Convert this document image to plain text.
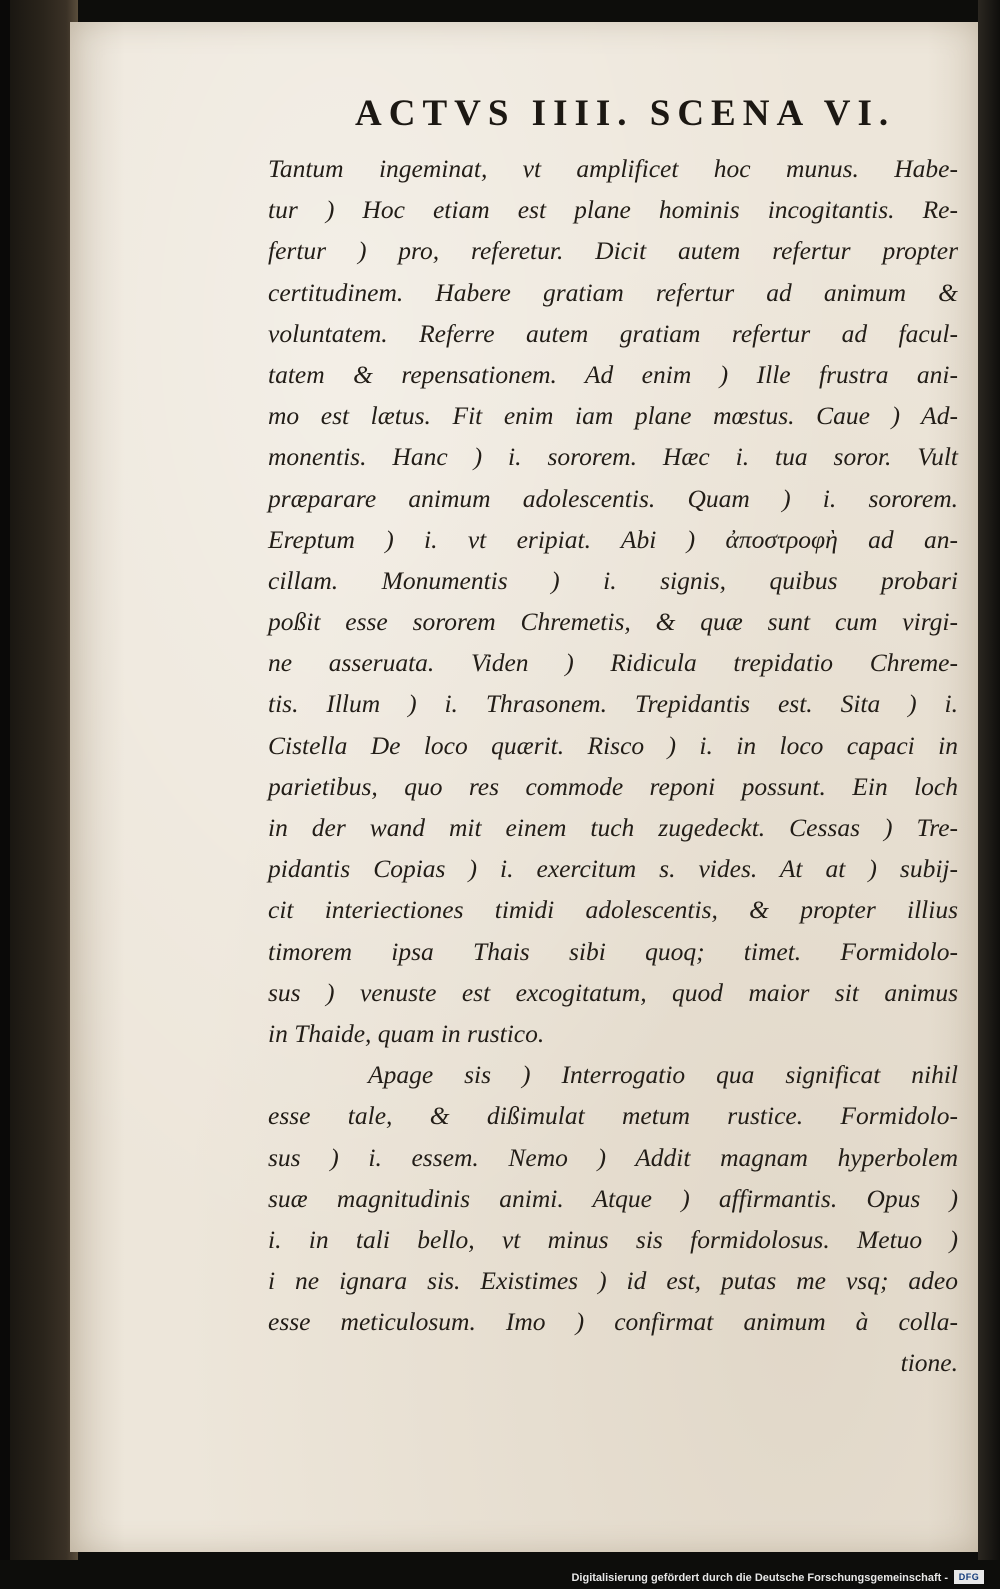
ACTVS IIII. SCENA VI.
Tantum ingeminat, vt amplificet hoc munus. Habe-
tur ) Hoc etiam est plane hominis incogitantis. Re-
fertur ) pro, referetur. Dicit autem refertur propter
certitudinem. Habere gratiam refertur ad animum &
voluntatem. Referre autem gratiam refertur ad facul-
tatem & repensationem. Ad enim ) Ille frustra ani-
mo est lætus. Fit enim iam plane mœstus. Caue ) Ad-
monentis. Hanc ) i. sororem. Hæc i. tua soror. Vult
præparare animum adolescentis. Quam ) i. sororem.
Ereptum ) i. vt eripiat. Abi ) ἀποστροφὴ ad an-
cillam. Monumentis ) i. signis, quibus probari
poßit esse sororem Chremetis, & quæ sunt cum virgi-
ne asseruata. Viden ) Ridicula trepidatio Chreme-
tis. Illum ) i. Thrasonem. Trepidantis est. Sita ) i.
Cistella De loco quærit. Risco ) i. in loco capaci in
parietibus, quo res commode reponi possunt. Ein loch
in der wand mit einem tuch zugedeckt. Cessas ) Tre-
pidantis Copias ) i. exercitum s. vides. At at ) subij-
cit interiectiones timidi adolescentis, & propter illius
timorem ipsa Thais sibi quoq; timet. Formidolo-
sus ) venuste est excogitatum, quod maior sit animus
in Thaide, quam in rustico.
Apage sis ) Interrogatio qua significat nihil
esse tale, & dißimulat metum rustice. Formidolo-
sus ) i. essem. Nemo ) Addit magnam hyperbolem
suæ magnitudinis animi. Atque ) affirmantis. Opus )
i. in tali bello, vt minus sis formidolosus. Metuo )
i ne ignara sis. Existimes ) id est, putas me vsq; adeo
esse meticulosum. Imo ) confirmat animum à colla-
tione.
Digitalisierung gefördert durch die Deutsche Forschungsgemeinschaft -	DFG
